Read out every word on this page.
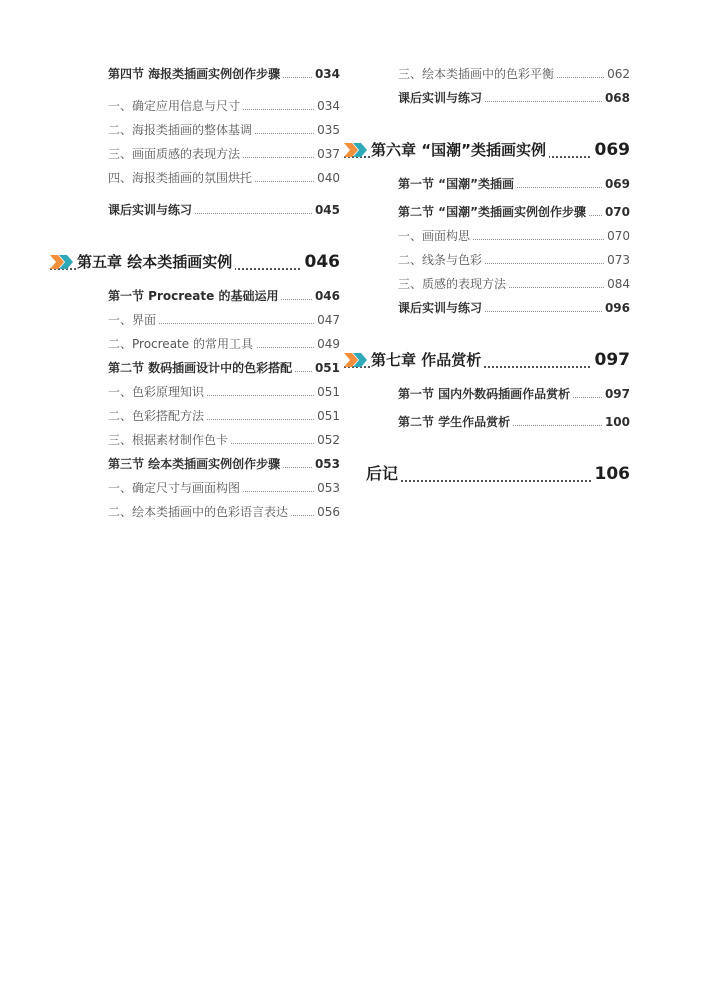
第四节 海报类插画实例创作步骤	034
一、确定应用信息与尺寸	034
二、海报类插画的整体基调	035
三、画面质感的表现方法	037
四、海报类插画的氛围烘托	040
课后实训与练习	045
第五章 绘本类插画实例	046
第一节 Procreate 的基础运用	046
一、界面	047
二、Procreate 的常用工具	049
第二节 数码插画设计中的色彩搭配 051
一、色彩原理知识	051
二、色彩搭配方法	051
三、根据素材制作色卡	052
第三节 绘本类插画实例创作步骤	053
一、确定尺寸与画面构图	053
二、绘本类插画中的色彩语言表达 056
三、绘本类插画中的色彩平衡	062
课后实训与练习	068
第六章 “国潮”类插画实例	069
第一节 “国潮”类插画	069
第二节 “国潮”类插画实例创作步骤 070
一、画面构思	070
二、线条与色彩	073
三、质感的表现方法	084
课后实训与练习	096
第七章 作品赏析	097
第一节 国内外数码插画作品赏析	097
第二节 学生作品赏析	100
后记	106
